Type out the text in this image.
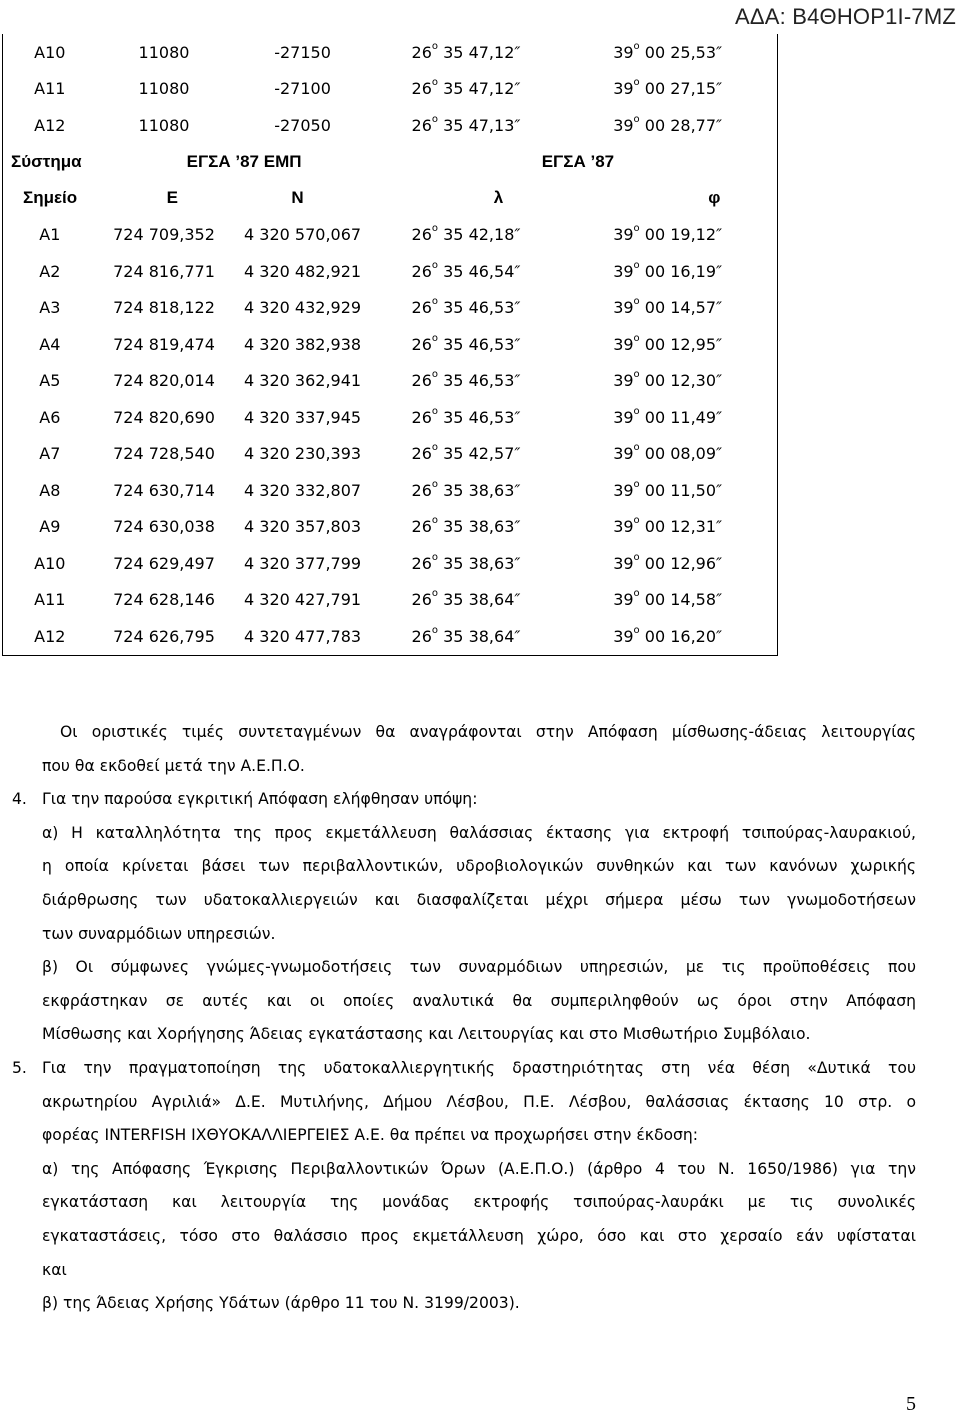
ΑΔΑ: Β4ΘΗΟΡ1Ι-7ΜΖ
Α10	11080	-27150	$26^o$ 35 47,12″	$39^o$ 00 25,53″
Α11	11080	-27100	$26^o$ 35 47,12″	$39^o$ 00 27,15″
Α12	11080	-27050	$26^o$ 35 47,13″	$39^o$ 00 28,77″
Σύστημα	ΕΓΣΑ ’87 ΕΜΠ		ΕΓΣΑ ’87	
Σημείο	Ε	Ν	λ	φ
Α1	724 709,352	4 320 570,067	$26^o$ 35 42,18″	$39^o$ 00 19,12″
Α2	724 816,771	4 320 482,921	$26^o$ 35 46,54″	$39^o$ 00 16,19″
Α3	724 818,122	4 320 432,929	$26^o$ 35 46,53″	$39^o$ 00 14,57″
Α4	724 819,474	4 320 382,938	$26^o$ 35 46,53″	$39^o$ 00 12,95″
Α5	724 820,014	4 320 362,941	$26^o$ 35 46,53″	$39^o$ 00 12,30″
Α6	724 820,690	4 320 337,945	$26^o$ 35 46,53″	$39^o$ 00 11,49″
Α7	724 728,540	4 320 230,393	$26^o$ 35 42,57″	$39^o$ 00 08,09″
Α8	724 630,714	4 320 332,807	$26^o$ 35 38,63″	$39^o$ 00 11,50″
Α9	724 630,038	4 320 357,803	$26^o$ 35 38,63″	$39^o$ 00 12,31″
Α10	724 629,497	4 320 377,799	$26^o$ 35 38,63″	$39^o$ 00 12,96″
Α11	724 628,146	4 320 427,791	$26^o$ 35 38,64″	$39^o$ 00 14,58″
Α12	724 626,795	4 320 477,783	$26^o$ 35 38,64″	$39^o$ 00 16,20″

Οι οριστικές τιμές συντεταγμένων θα αναγράφονται στην Απόφαση μίσθωσης-άδειας λειτουργίας

που θα εκδοθεί μετά την Α.Ε.Π.Ο.

4. Για την παρούσα εγκριτική Απόφαση ελήφθησαν υπόψη:

α) Η καταλληλότητα της προς εκμετάλλευση θαλάσσιας έκτασης για εκτροφή τσιπούρας-λαυρακιού,

η οποία κρίνεται βάσει των περιβαλλοντικών, υδροβιολογικών συνθηκών και των κανόνων χωρικής

διάρθρωσης των υδατοκαλλιεργειών και διασφαλίζεται μέχρι σήμερα μέσω των γνωμοδοτήσεων

των συναρμόδιων υπηρεσιών.

β) Οι σύμφωνες γνώμες-γνωμοδοτήσεις των συναρμόδιων υπηρεσιών, με τις προϋποθέσεις που

εκφράστηκαν σε αυτές και οι οποίες αναλυτικά θα συμπεριληφθούν ως όροι στην Απόφαση

Μίσθωσης και Χορήγησης Άδειας εγκατάστασης και Λειτουργίας και στο Μισθωτήριο Συμβόλαιο.

5. Για την πραγματοποίηση της υδατοκαλλιεργητικής δραστηριότητας στη νέα θέση «Δυτικά του

ακρωτηρίου Αγριλιά» Δ.Ε. Μυτιλήνης, Δήμου Λέσβου, Π.Ε. Λέσβου, θαλάσσιας έκτασης 10 στρ. ο

φορέας INTERFISH ΙΧΘΥΟΚΑΛΛΙΕΡΓΕΙΕΣ Α.Ε. θα πρέπει να προχωρήσει στην έκδοση:

α) της Απόφασης Έγκρισης Περιβαλλοντικών Όρων (Α.Ε.Π.Ο.) (άρθρο 4 του Ν. 1650/1986) για την

εγκατάσταση και λειτουργία της μονάδας εκτροφής τσιπούρας-λαυράκι με τις συνολικές

εγκαταστάσεις, τόσο στο θαλάσσιο προς εκμετάλλευση χώρο, όσο και στο χερσαίο εάν υφίσταται

και

β) της Άδειας Χρήσης Υδάτων (άρθρο 11 του Ν. 3199/2003).

5
